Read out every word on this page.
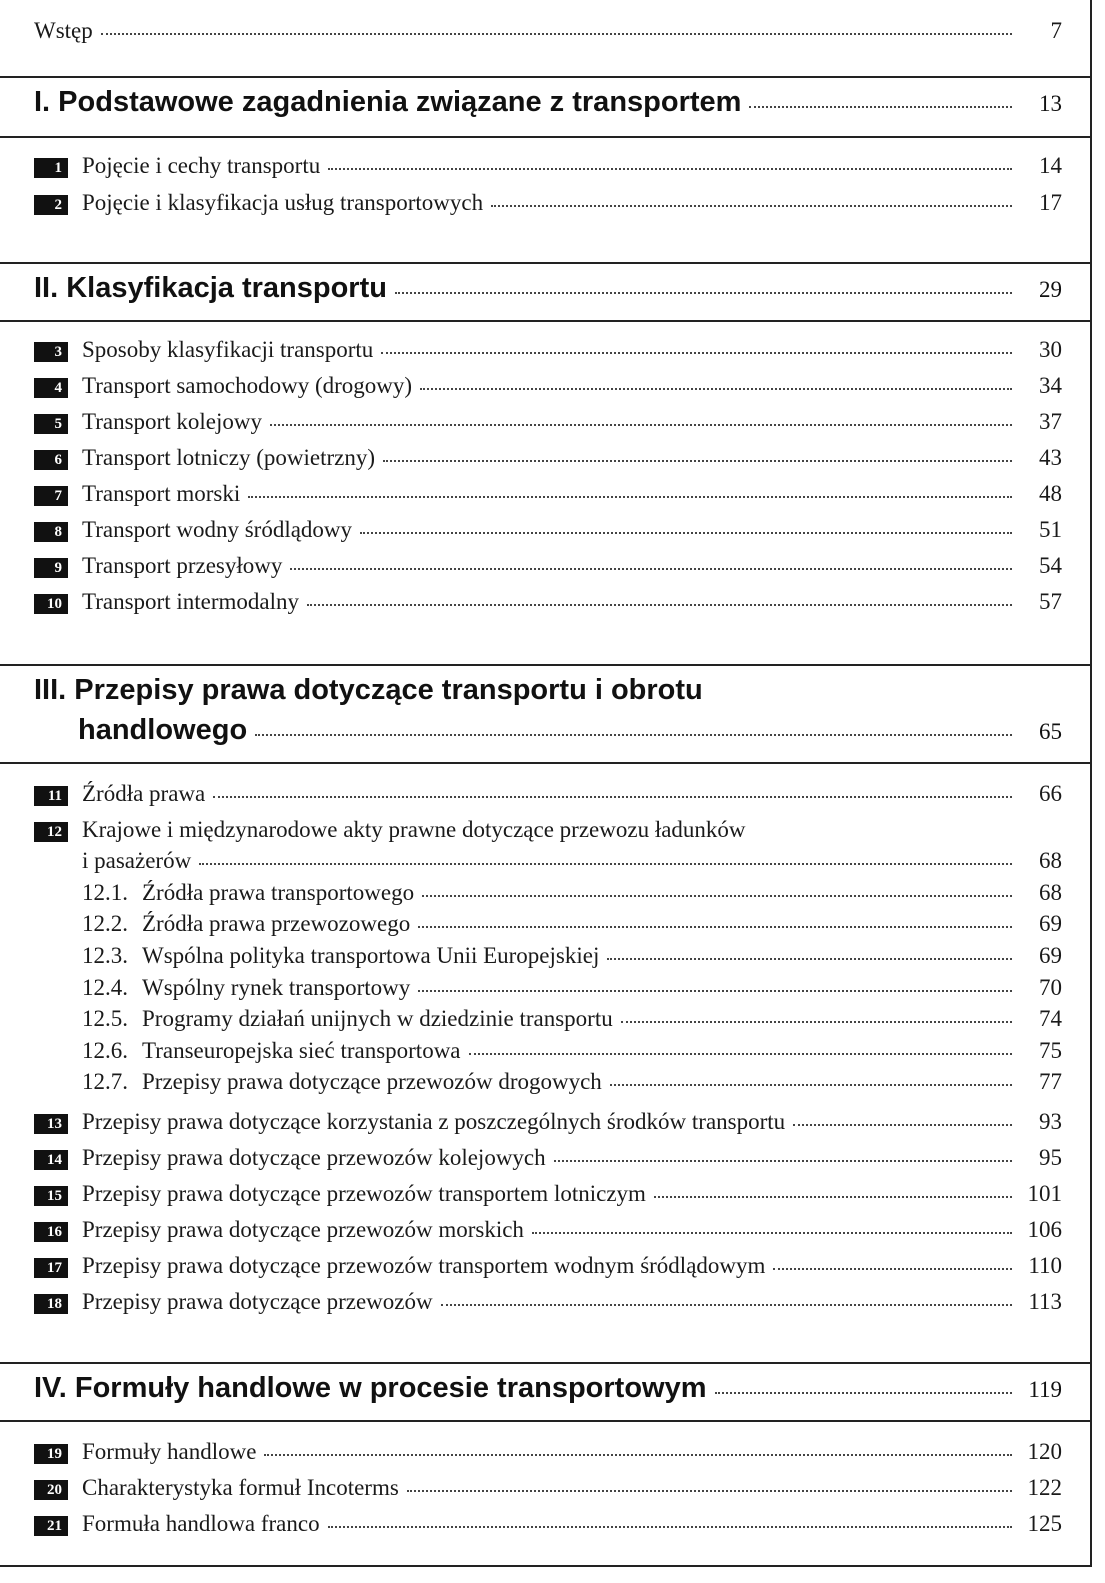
Wstęp	7
I. Podstawowe zagadnienia związane z transportem	13
1 Pojęcie i cechy transportu	14
2 Pojęcie i klasyfikacja usług transportowych	17
II. Klasyfikacja transportu	29
3 Sposoby klasyfikacji transportu	30
4 Transport samochodowy (drogowy)	34
5 Transport kolejowy	37
6 Transport lotniczy (powietrzny)	43
7 Transport morski	48
8 Transport wodny śródlądowy	51
9 Transport przesyłowy	54
10 Transport intermodalny	57
III. Przepisy prawa dotyczące transportu i obrotu
handlowego	65
11 Źródła prawa	66
12 Krajowe i międzynarodowe akty prawne dotyczące przewozu ładunków
i pasażerów	68
12.1. Źródła prawa transportowego	68
12.2. Źródła prawa przewozowego	69
12.3. Wspólna polityka transportowa Unii Europejskiej	69
12.4. Wspólny rynek transportowy	70
12.5. Programy działań unijnych w dziedzinie transportu	74
12.6. Transeuropejska sieć transportowa	75
12.7. Przepisy prawa dotyczące przewozów drogowych	77
13 Przepisy prawa dotyczące korzystania z poszczególnych środków transportu	93
14 Przepisy prawa dotyczące przewozów kolejowych	95
15 Przepisy prawa dotyczące przewozów transportem lotniczym	101
16 Przepisy prawa dotyczące przewozów morskich	106
17 Przepisy prawa dotyczące przewozów transportem wodnym śródlądowym	110
18 Przepisy prawa dotyczące przewozów	113
IV. Formuły handlowe w procesie transportowym	119
19 Formuły handlowe	120
20 Charakterystyka formuł Incoterms	122
21 Formuła handlowa franco	125
